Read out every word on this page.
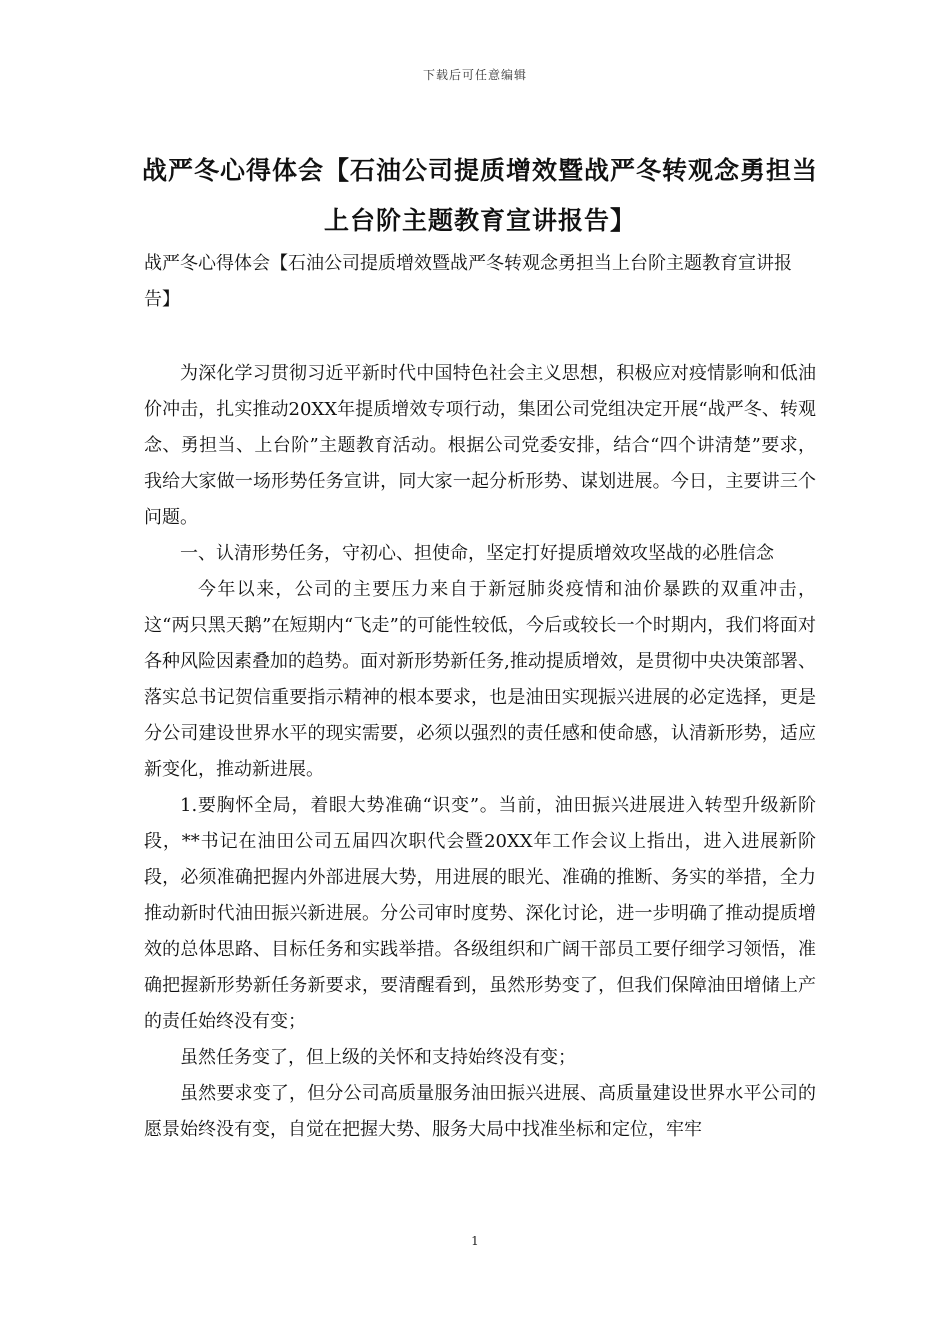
下载后可任意编辑
战严冬心得体会【石油公司提质增效暨战严冬转观念勇担当上台阶主题教育宣讲报告】
战严冬心得体会【石油公司提质增效暨战严冬转观念勇担当上台阶主题教育宣讲报告】

为深化学习贯彻习近平新时代中国特色社会主义思想，积极应对疫情影响和低油价冲击，扎实推动20XX年提质增效专项行动，集团公司党组决定开展“战严冬、转观念、勇担当、上台阶”主题教育活动。根据公司党委安排，结合“四个讲清楚”要求，我给大家做一场形势任务宣讲，同大家一起分析形势、谋划进展。今日，主要讲三个问题。

一、认清形势任务，守初心、担使命，坚定打好提质增效攻坚战的必胜信念

今年以来，公司的主要压力来自于新冠肺炎疫情和油价暴跌的双重冲击，这“两只黑天鹅”在短期内“飞走”的可能性较低，今后或较长一个时期内，我们将面对各种风险因素叠加的趋势。面对新形势新任务,推动提质增效，是贯彻中央决策部署、落实总书记贺信重要指示精神的根本要求，也是油田实现振兴进展的必定选择，更是分公司建设世界水平的现实需要，必须以强烈的责任感和使命感，认清新形势，适应新变化，推动新进展。

1.要胸怀全局，着眼大势准确“识变”。当前，油田振兴进展进入转型升级新阶段，**书记在油田公司五届四次职代会暨20XX年工作会议上指出，进入进展新阶段，必须准确把握内外部进展大势，用进展的眼光、准确的推断、务实的举措，全力推动新时代油田振兴新进展。分公司审时度势、深化讨论，进一步明确了推动提质增效的总体思路、目标任务和实践举措。各级组织和广阔干部员工要仔细学习领悟，准确把握新形势新任务新要求，要清醒看到，虽然形势变了，但我们保障油田增储上产的责任始终没有变；

虽然任务变了，但上级的关怀和支持始终没有变；

虽然要求变了，但分公司高质量服务油田振兴进展、高质量建设世界水平公司的愿景始终没有变，自觉在把握大势、服务大局中找准坐标和定位，牢牢

1
